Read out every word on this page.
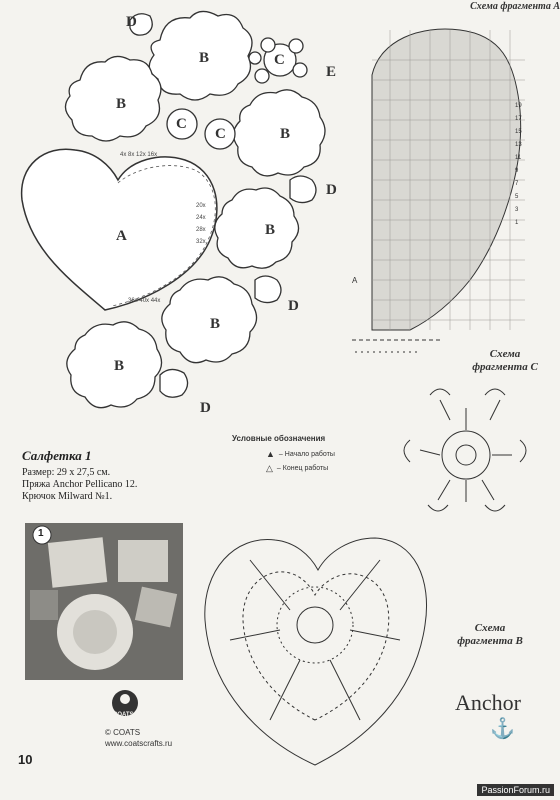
A
Схема фрагмента А
D
B	C
E
B
C
C	B
D
A	B
D
B
B
D
4x 8x 12x 16x
20x
24x
28x
32x
36x 40x 44x
19
17
15
13
11
9
7
5
3
1
Схема
фрагмента С
Схема
фрагмента В
Условные обозначения
▲ – Начало работы
△ – Конец работы
Салфетка 1
Размер: 29 x 27,5 см.
Пряжа Anchor Pellicano 12.
Крючок Milward №1.
1
COATS
© COATS
www.coatscrafts.ru
Anchor
⚓
10
PassionForum.ru
